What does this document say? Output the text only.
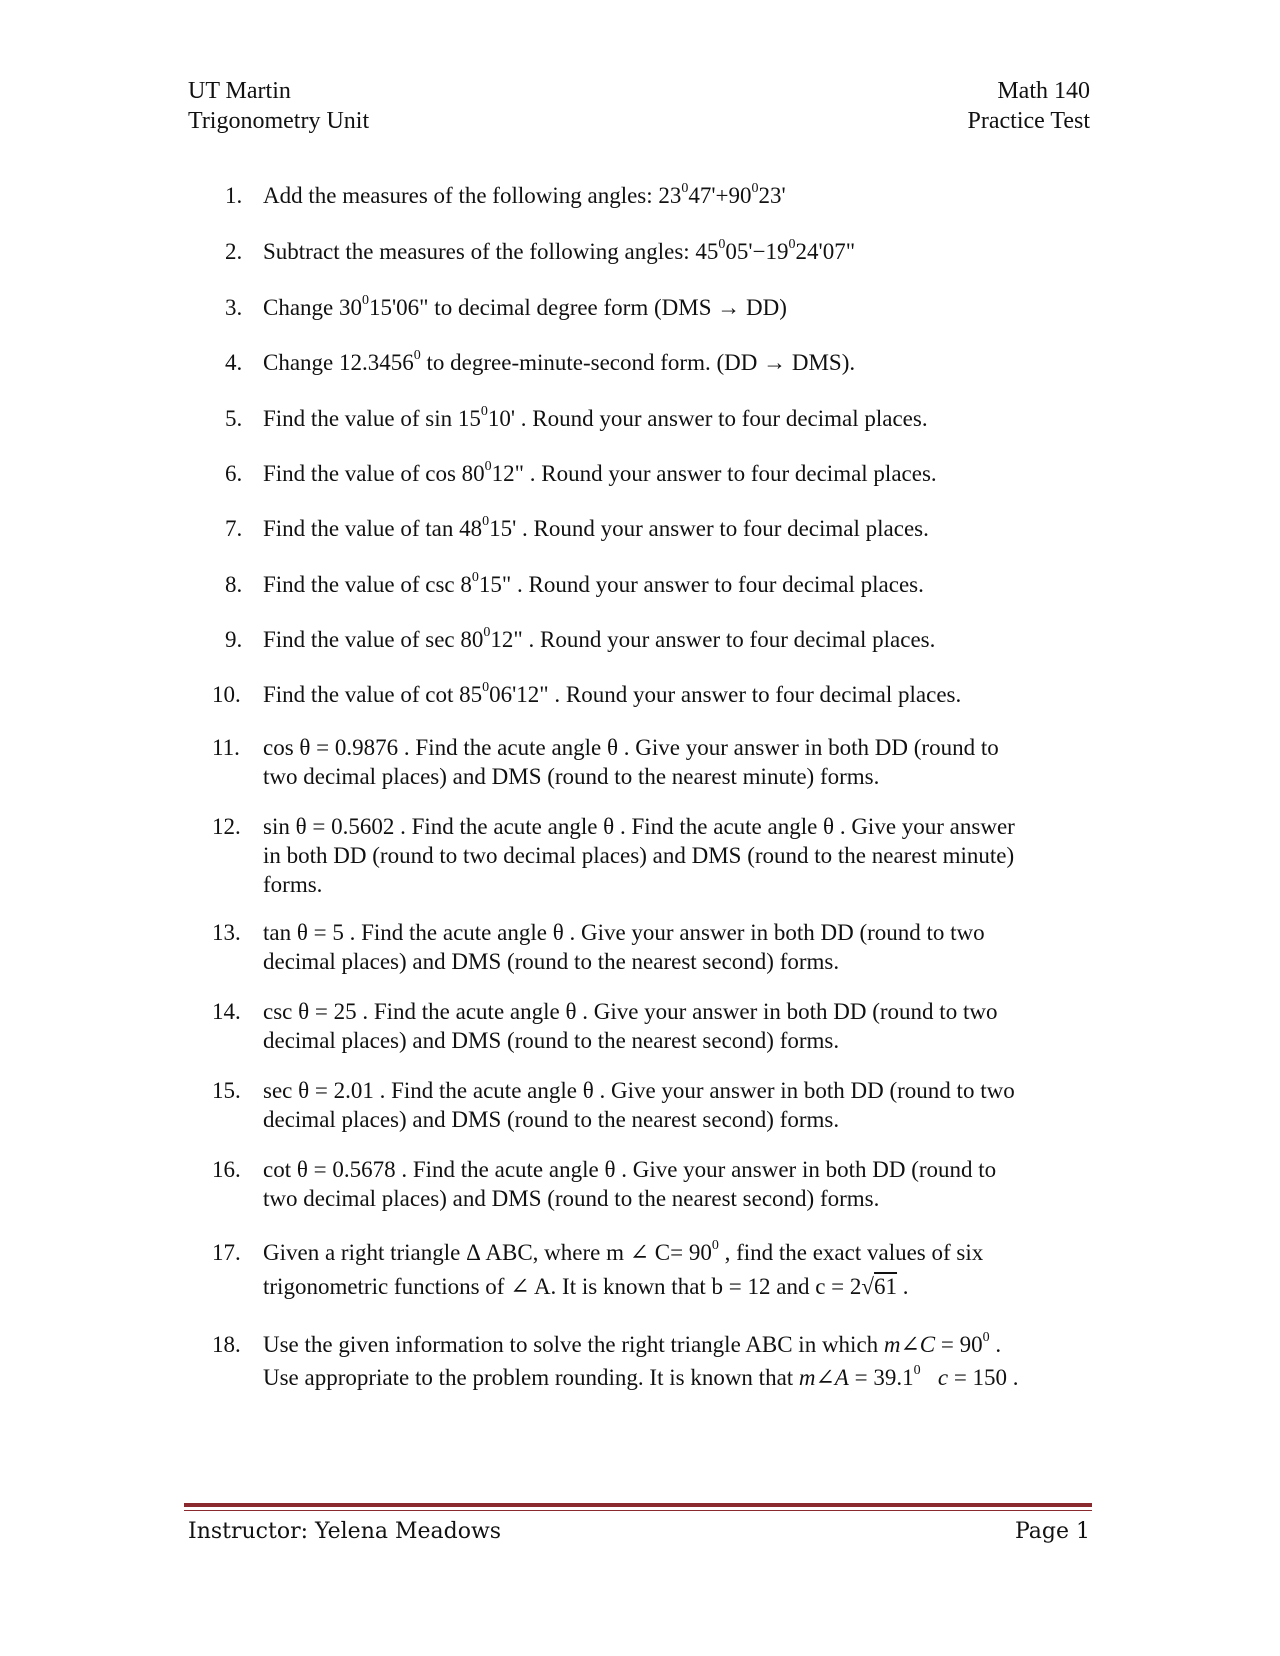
UT Martin
Trigonometry Unit
Math 140
Practice Test
1. Add the measures of the following angles: $23^047'+90^023'$
2. Subtract the measures of the following angles: $45^005'-19^024'07$"
3. Change $30^015'06$" to decimal degree form (DMS → DD)
4. Change 12.3456$^0$ to degree-minute-second form. (DD → DMS).
5. Find the value of $\sin 15^010'$ . Round your answer to four decimal places.
6. Find the value of $\cos 80^012$" . Round your answer to four decimal places.
7. Find the value of $\tan 48^015'$ . Round your answer to four decimal places.
8. Find the value of $\csc 8^015$" . Round your answer to four decimal places.
9. Find the value of $\sec 80^012$" . Round your answer to four decimal places.
10. Find the value of $\cot 85^006'12$" . Round your answer to four decimal places.
11. cos θ = 0.9876 . Find the acute angle θ . Give your answer in both DD (round to
two decimal places) and DMS (round to the nearest minute) forms.
12. sin θ = 0.5602 . Find the acute angle θ . Find the acute angle θ . Give your answer
in both DD (round to two decimal places) and DMS (round to the nearest minute)
forms.
13. tan θ = 5 . Find the acute angle θ . Give your answer in both DD (round to two
decimal places) and DMS (round to the nearest second) forms.
14. csc θ = 25 . Find the acute angle θ . Give your answer in both DD (round to two
decimal places) and DMS (round to the nearest second) forms.
15. sec θ = 2.01 . Find the acute angle θ . Give your answer in both DD (round to two
decimal places) and DMS (round to the nearest second) forms.
16. cot θ = 0.5678 . Find the acute angle θ . Give your answer in both DD (round to
two decimal places) and DMS (round to the nearest second) forms.
17. Given a right triangle Δ ABC, where m ∠ $C= 90^0$ , find the exact values of six
trigonometric functions of ∠ A. It is known that b = 12 and c = 2√61 .
18. Use the given information to solve the right triangle ABC in which m∠C = $90^0$ .
Use appropriate to the problem rounding. It is known that m∠A = $39.1^0$ c = 150 .
Instructor: Yelena Meadows	Page 1
